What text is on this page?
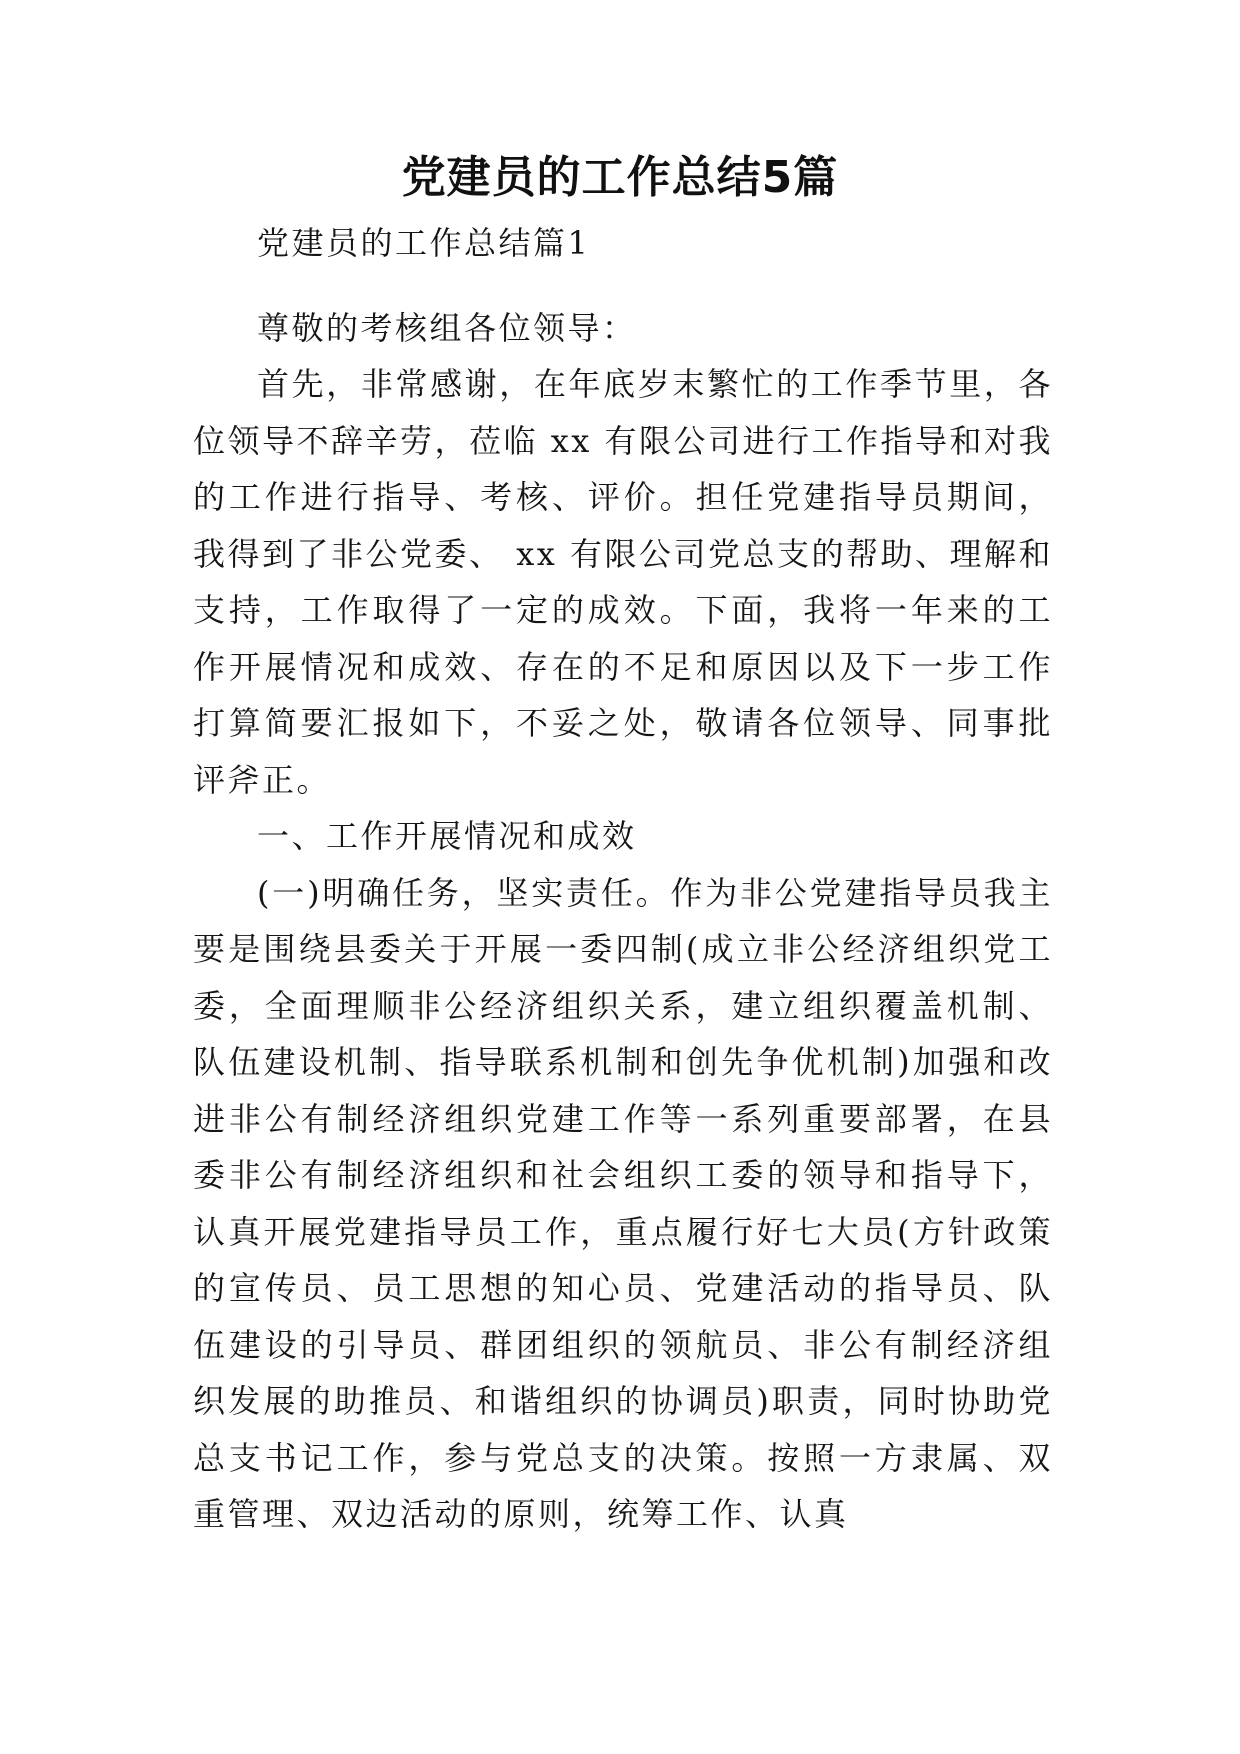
党建员的工作总结5篇

党建员的工作总结篇1

尊敬的考核组各位领导：

首先，非常感谢，在年底岁末繁忙的工作季节里，各位领导不辞辛劳，莅临 xx 有限公司进行工作指导和对我的工作进行指导、考核、评价。担任党建指导员期间，我得到了非公党委、 xx 有限公司党总支的帮助、理解和支持，工作取得了一定的成效。下面，我将一年来的工作开展情况和成效、存在的不足和原因以及下一步工作打算简要汇报如下，不妥之处，敬请各位领导、同事批评斧正。

一、工作开展情况和成效

(一)明确任务，坚实责任。作为非公党建指导员我主要是围绕县委关于开展一委四制(成立非公经济组织党工委，全面理顺非公经济组织关系，建立组织覆盖机制、队伍建设机制、指导联系机制和创先争优机制)加强和改进非公有制经济组织党建工作等一系列重要部署，在县委非公有制经济组织和社会组织工委的领导和指导下，认真开展党建指导员工作，重点履行好七大员(方针政策的宣传员、员工思想的知心员、党建活动的指导员、队伍建设的引导员、群团组织的领航员、非公有制经济组织发展的助推员、和谐组织的协调员)职责，同时协助党总支书记工作，参与党总支的决策。按照一方隶属、双重管理、双边活动的原则，统筹工作、认真
